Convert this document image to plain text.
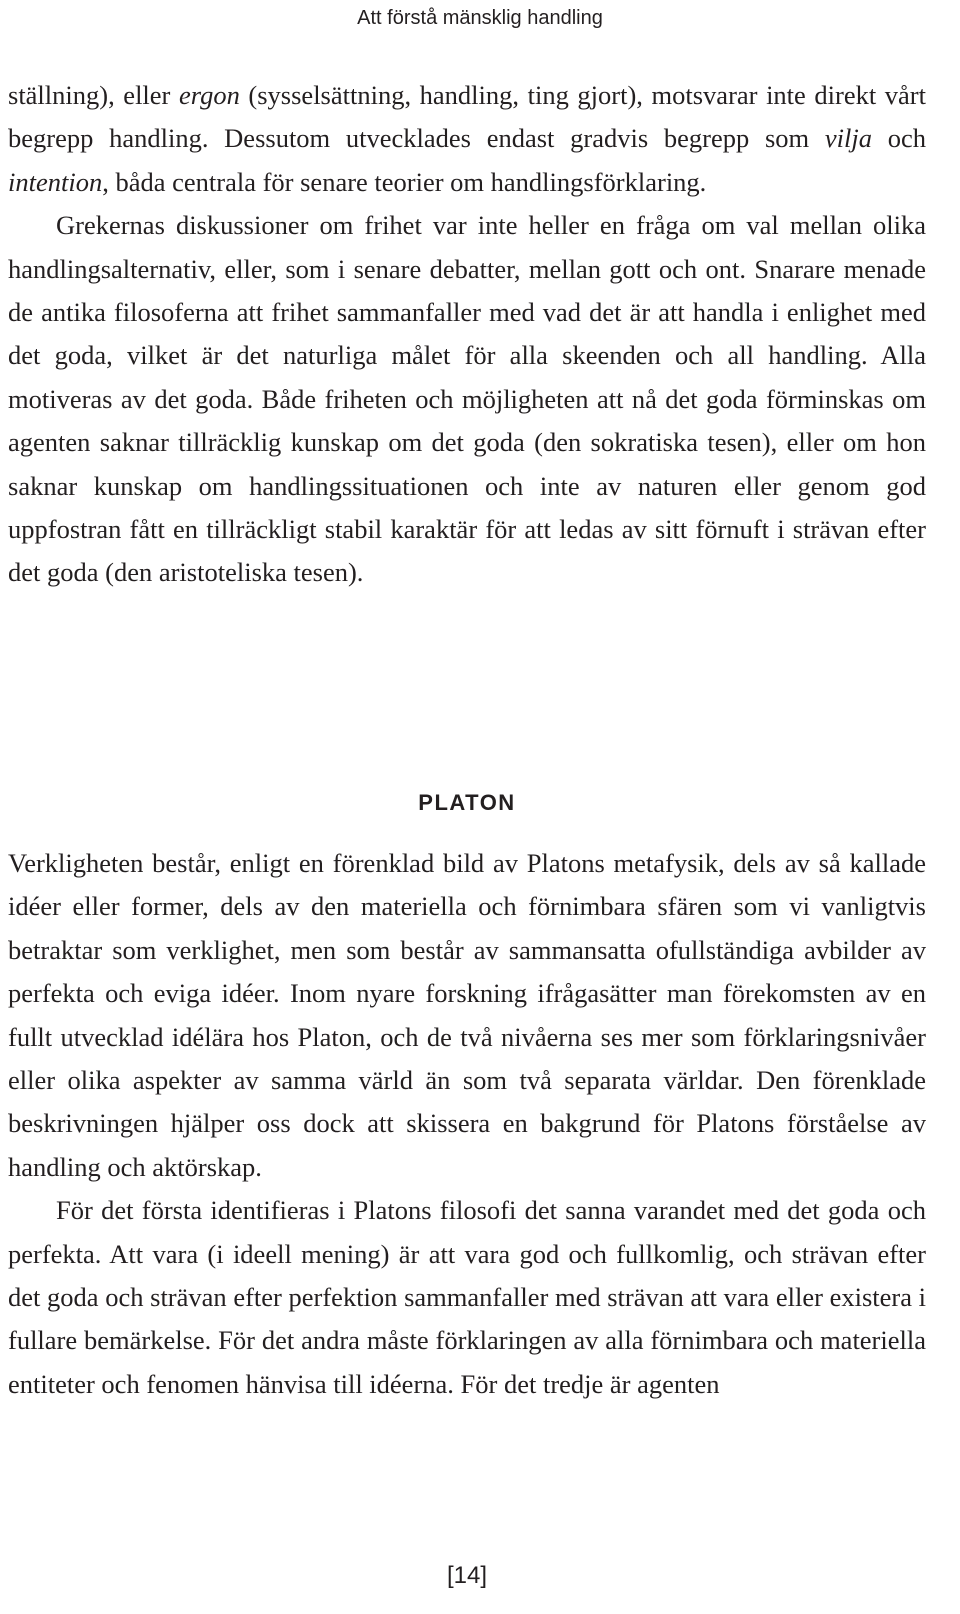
Att förstå mänsklig handling

ställning), eller ergon (sysselsättning, handling, ting gjort), motsvarar inte direkt vårt begrepp handling. Dessutom utvecklades endast gradvis begrepp som vilja och intention, båda centrala för senare teorier om handlingsförklaring.

Grekernas diskussioner om frihet var inte heller en fråga om val mellan olika handlingsalternativ, eller, som i senare debatter, mellan gott och ont. Snarare menade de antika filosoferna att frihet sammanfaller med vad det är att handla i enlighet med det goda, vilket är det naturliga målet för alla skeenden och all handling. Alla motiveras av det goda. Både friheten och möjligheten att nå det goda förminskas om agenten saknar tillräcklig kunskap om det goda (den sokratiska tesen), eller om hon saknar kunskap om handlingssituationen och inte av naturen eller genom god uppfostran fått en tillräckligt stabil karaktär för att ledas av sitt förnuft i strävan efter det goda (den aristoteliska tesen).

PLATON

Verkligheten består, enligt en förenklad bild av Platons metafysik, dels av så kallade idéer eller former, dels av den materiella och förnimbara sfären som vi vanligtvis betraktar som verklighet, men som består av sammansatta ofullständiga avbilder av perfekta och eviga idéer. Inom nyare forskning ifrågasätter man förekomsten av en fullt utvecklad idélära hos Platon, och de två nivåerna ses mer som förklaringsnivåer eller olika aspekter av samma värld än som två separata världar. Den förenklade beskrivningen hjälper oss dock att skissera en bakgrund för Platons förståelse av handling och aktörskap.

För det första identifieras i Platons filosofi det sanna varandet med det goda och perfekta. Att vara (i ideell mening) är att vara god och fullkomlig, och strävan efter det goda och strävan efter perfektion sammanfaller med strävan att vara eller existera i fullare bemärkelse. För det andra måste förklaringen av alla förnimbara och materiella entiteter och fenomen hänvisa till idéerna. För det tredje är agenten

[14]
